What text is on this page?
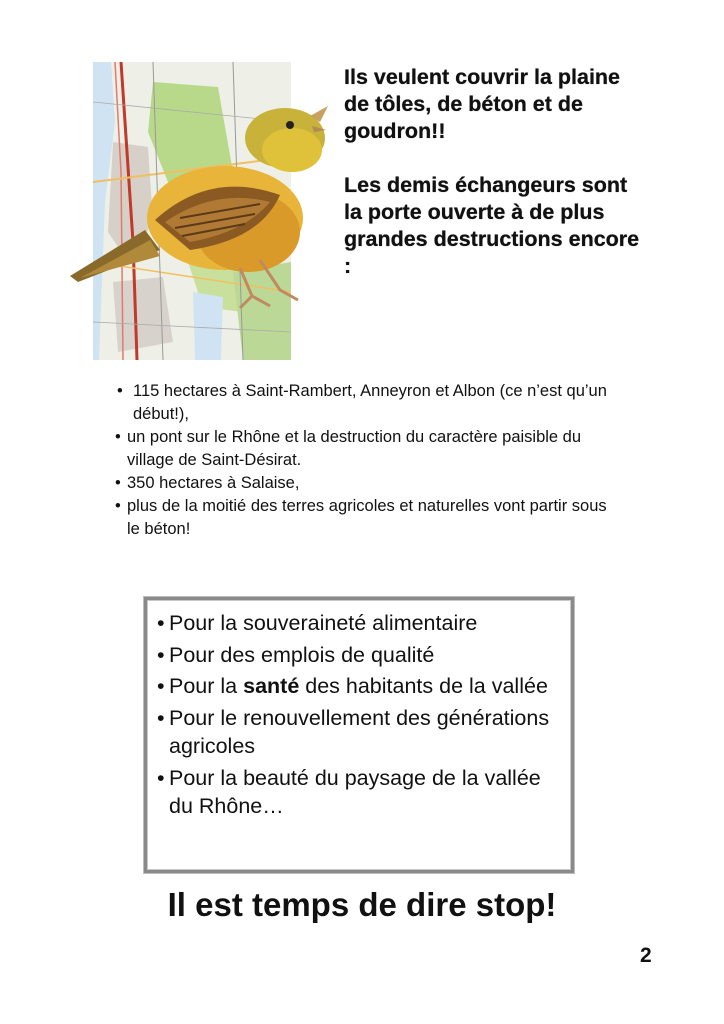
Ils veulent couvrir la plaine de tôles, de béton et de goudron!!

Les demis échangeurs sont la porte ouverte à de plus grandes destructions encore :

• 115 hectares à Saint-Rambert, Anneyron et Albon (ce n’est qu’un début!),
• un pont sur le Rhône et la destruction du caractère paisible du village de Saint-Désirat.
• 350 hectares à Salaise,
• plus de la moitié des terres agricoles et naturelles vont partir sous le béton!
• Pour la souveraineté alimentaire
• Pour des emplois de qualité
• Pour la santé des habitants de la vallée
• Pour le renouvellement des générations agricoles
• Pour la beauté du paysage de la vallée du Rhône…

Il est temps de dire stop!

2
